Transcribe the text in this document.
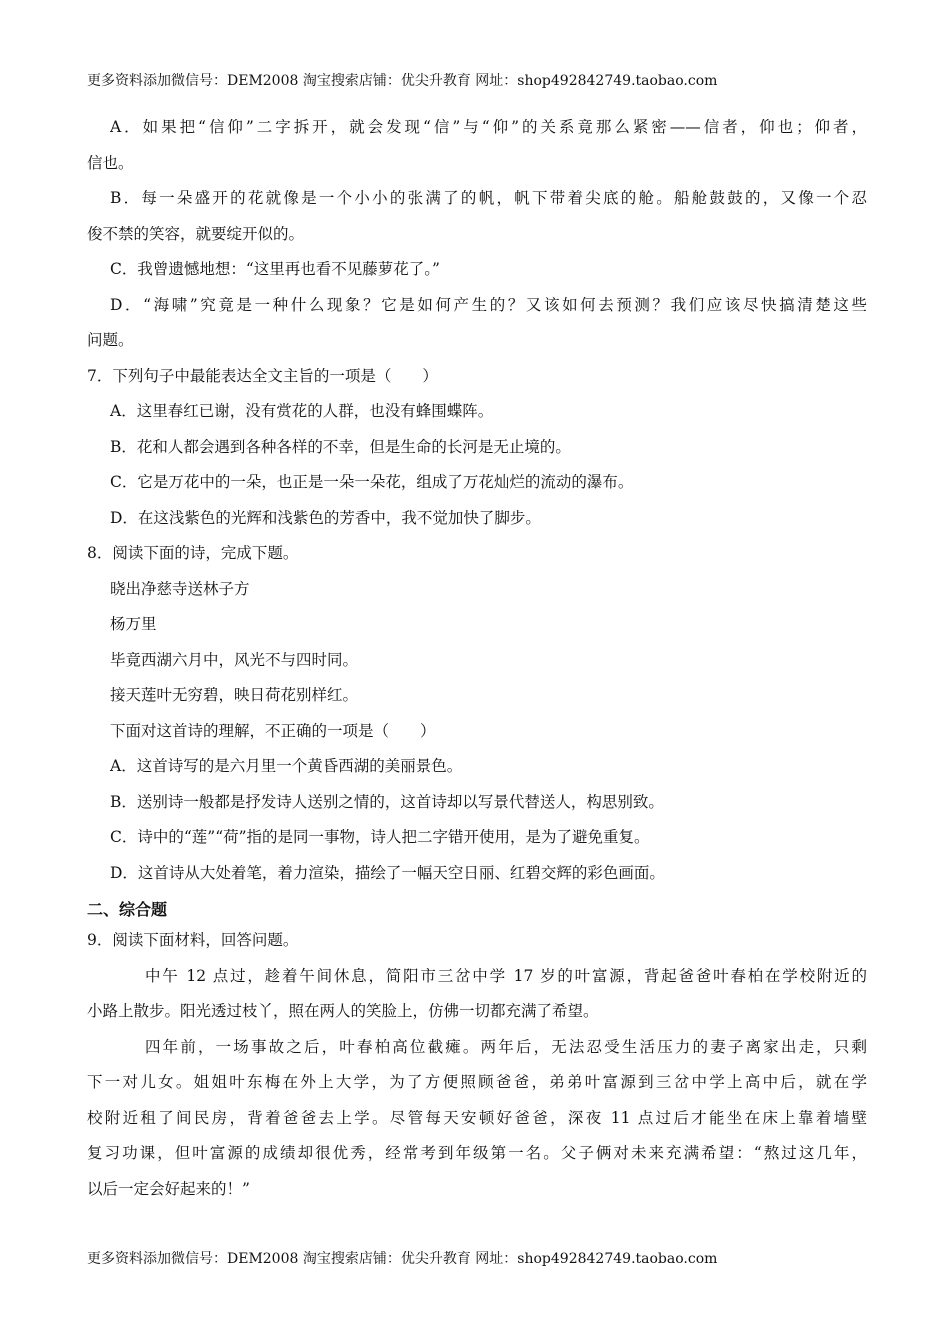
更多资料添加微信号：DEM2008 淘宝搜索店铺：优尖升教育 网址：shop492842749.taobao.com
A．如果把“信仰”二字拆开，就会发现“信”与“仰”的关系竟那么紧密——信者，仰也；仰者，
信也。
B．每一朵盛开的花就像是一个小小的张满了的帆，帆下带着尖底的舱。船舱鼓鼓的，又像一个忍
俊不禁的笑容，就要绽开似的。
C．我曾遗憾地想：“这里再也看不见藤萝花了。”
D．“海啸”究竟是一种什么现象？它是如何产生的？又该如何去预测？我们应该尽快搞清楚这些
问题。
7．下列句子中最能表达全文主旨的一项是（　　）
A．这里春红已谢，没有赏花的人群，也没有蜂围蝶阵。
B．花和人都会遇到各种各样的不幸，但是生命的长河是无止境的。
C．它是万花中的一朵，也正是一朵一朵花，组成了万花灿烂的流动的瀑布。
D．在这浅紫色的光辉和浅紫色的芳香中，我不觉加快了脚步。
8．阅读下面的诗，完成下题。
晓出净慈寺送林子方
杨万里
毕竟西湖六月中，风光不与四时同。
接天莲叶无穷碧，映日荷花别样红。
下面对这首诗的理解，不正确的一项是（　　）
A．这首诗写的是六月里一个黄昏西湖的美丽景色。
B．送别诗一般都是抒发诗人送别之情的，这首诗却以写景代替送人，构思别致。
C．诗中的“莲”“荷”指的是同一事物，诗人把二字错开使用，是为了避免重复。
D．这首诗从大处着笔，着力渲染，描绘了一幅天空日丽、红碧交辉的彩色画面。
二、综合题
9．阅读下面材料，回答问题。
中午 12 点过，趁着午间休息，简阳市三岔中学 17 岁的叶富源，背起爸爸叶春柏在学校附近的
小路上散步。阳光透过枝丫，照在两人的笑脸上，仿佛一切都充满了希望。
四年前，一场事故之后，叶春柏高位截瘫。两年后，无法忍受生活压力的妻子离家出走，只剩
下一对儿女。姐姐叶东梅在外上大学，为了方便照顾爸爸，弟弟叶富源到三岔中学上高中后，就在学
校附近租了间民房，背着爸爸去上学。尽管每天安顿好爸爸，深夜 11 点过后才能坐在床上靠着墙壁
复习功课，但叶富源的成绩却很优秀，经常考到年级第一名。父子俩对未来充满希望：“熬过这几年，
以后一定会好起来的！”
更多资料添加微信号：DEM2008 淘宝搜索店铺：优尖升教育 网址：shop492842749.taobao.com
